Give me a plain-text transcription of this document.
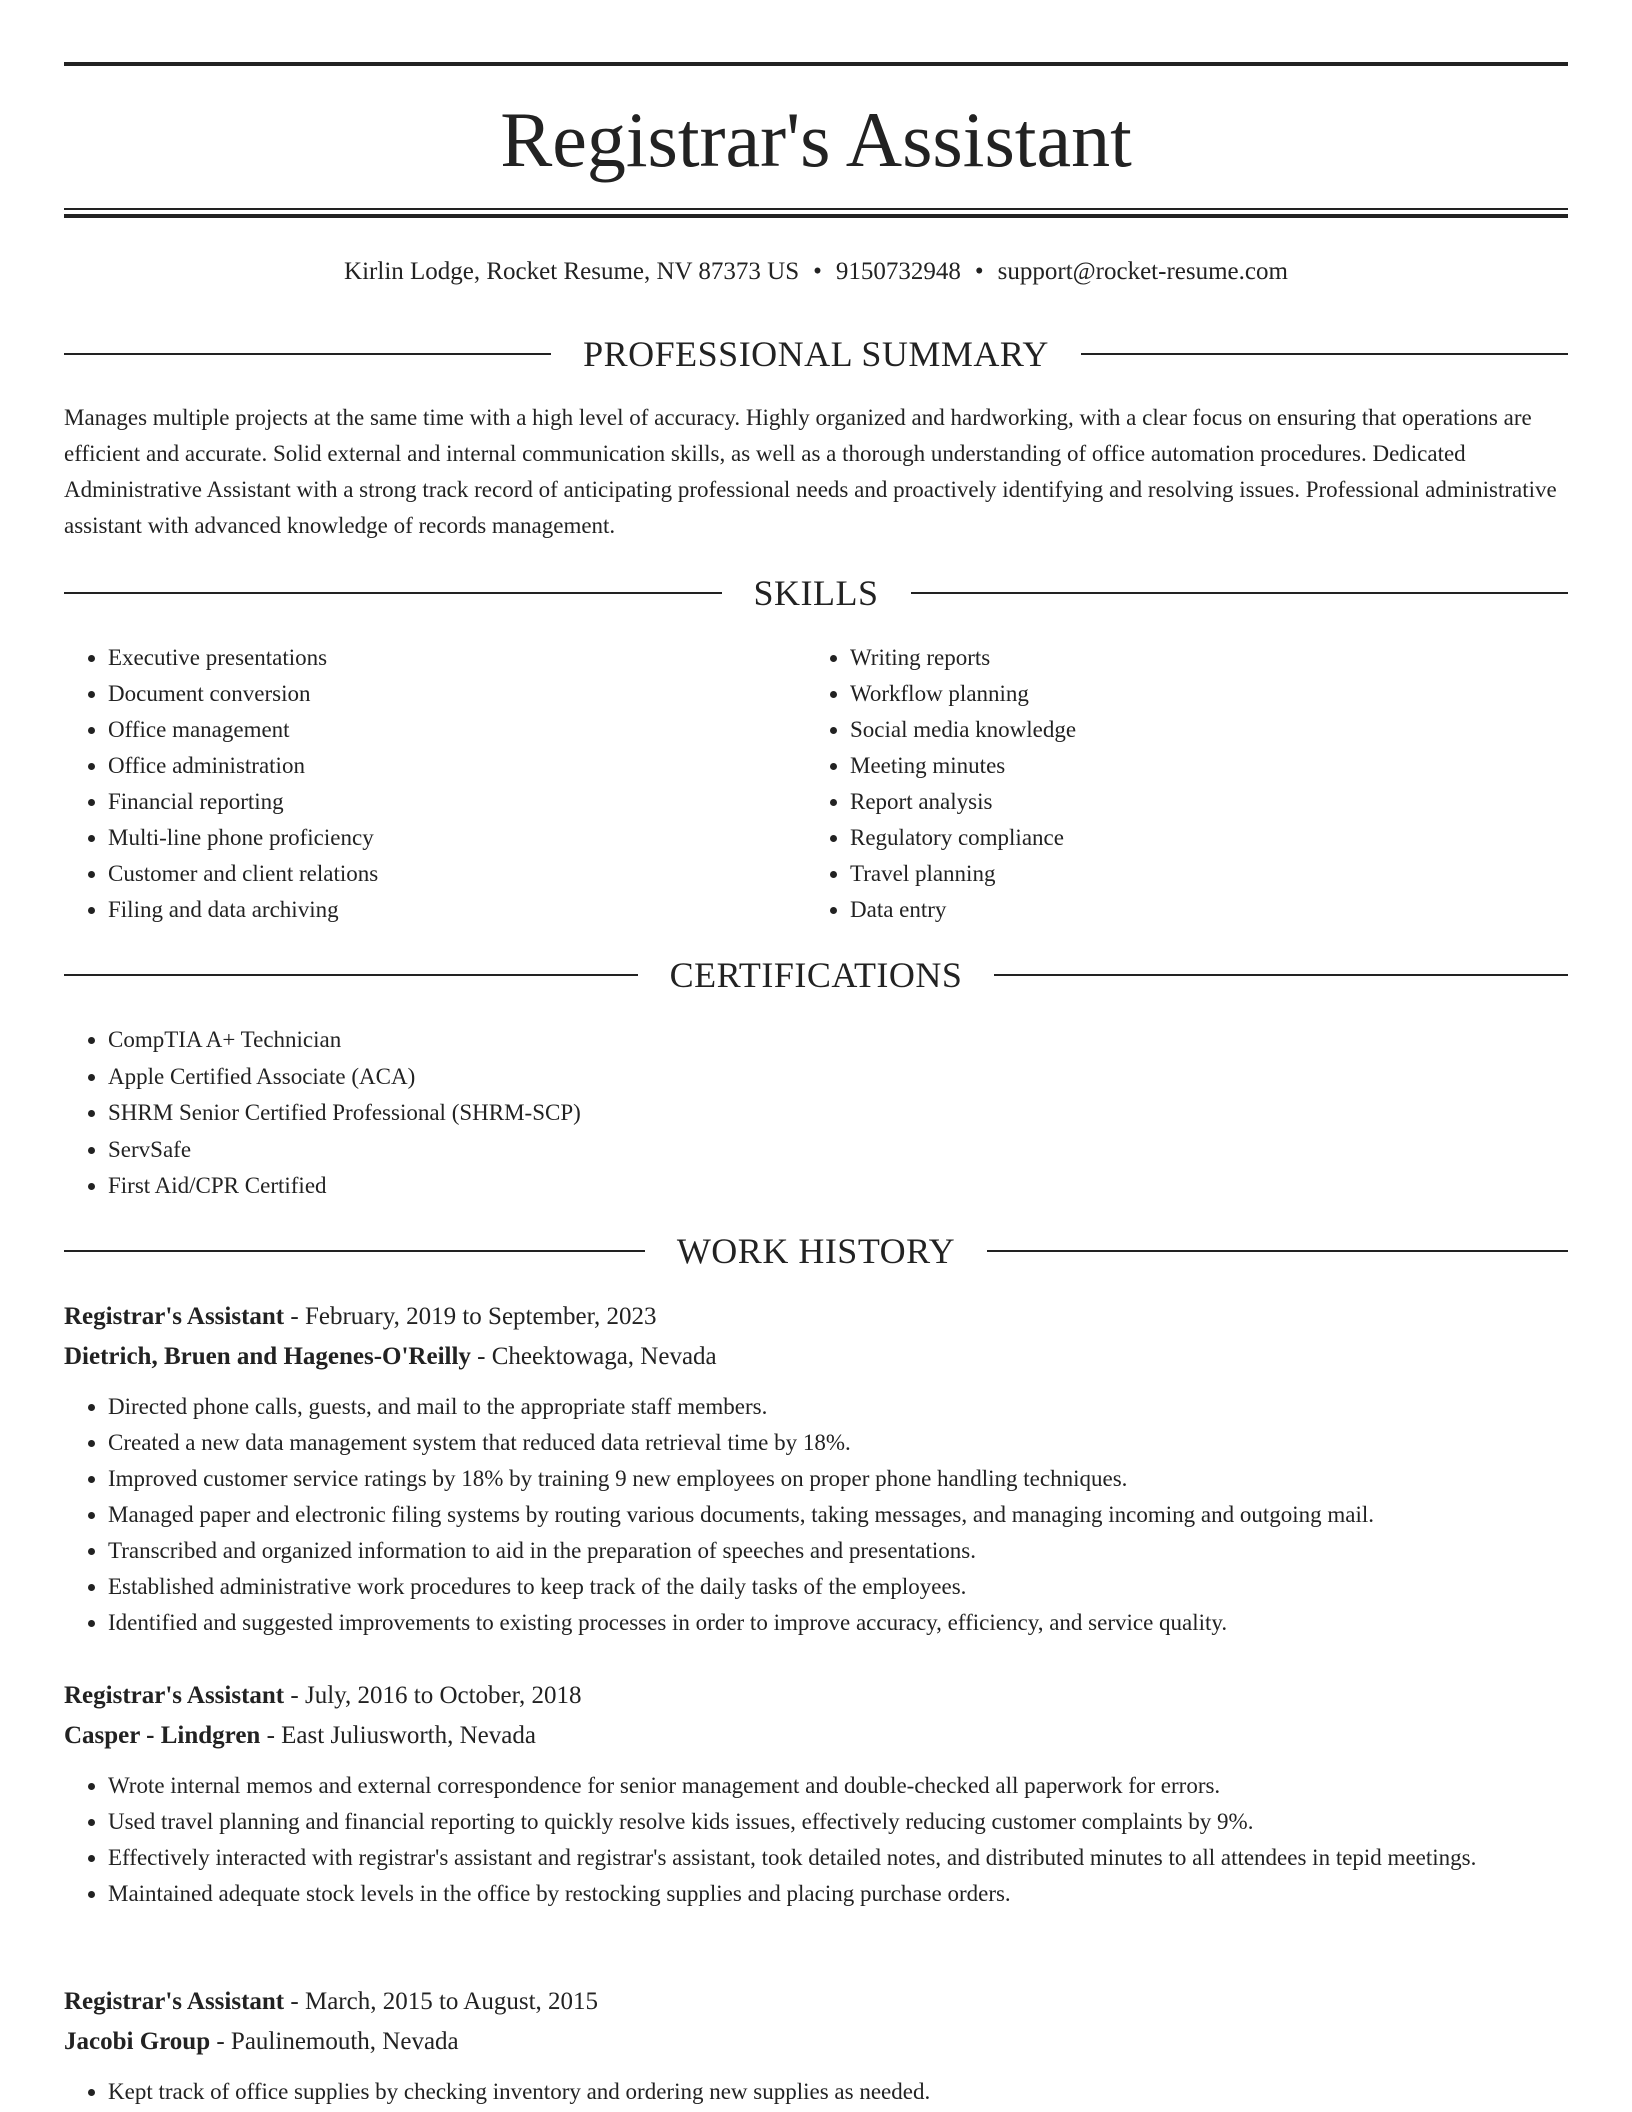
Registrar's Assistant
Kirlin Lodge, Rocket Resume, NV 87373 US • 9150732948 • support@rocket-resume.com
PROFESSIONAL SUMMARY

Manages multiple projects at the same time with a high level of accuracy. Highly organized and hardworking, with a clear focus on ensuring that operations are efficient and accurate. Solid external and internal communication skills, as well as a thorough understanding of office automation procedures. Dedicated Administrative Assistant with a strong track record of anticipating professional needs and proactively identifying and resolving issues. Professional administrative assistant with advanced knowledge of records management.

SKILLS
• Executive presentations
• Document conversion
• Office management
• Office administration
• Financial reporting
• Multi-line phone proficiency
• Customer and client relations
• Filing and data archiving
• Writing reports
• Workflow planning
• Social media knowledge
• Meeting minutes
• Report analysis
• Regulatory compliance
• Travel planning
• Data entry
CERTIFICATIONS
• CompTIA A+ Technician
• Apple Certified Associate (ACA)
• SHRM Senior Certified Professional (SHRM-SCP)
• ServSafe
• First Aid/CPR Certified
WORK HISTORY
Registrar's Assistant - February, 2019 to September, 2023
Dietrich, Bruen and Hagenes-O'Reilly - Cheektowaga, Nevada
• Directed phone calls, guests, and mail to the appropriate staff members.
• Created a new data management system that reduced data retrieval time by 18%.
• Improved customer service ratings by 18% by training 9 new employees on proper phone handling techniques.
• Managed paper and electronic filing systems by routing various documents, taking messages, and managing incoming and outgoing mail.
• Transcribed and organized information to aid in the preparation of speeches and presentations.
• Established administrative work procedures to keep track of the daily tasks of the employees.
• Identified and suggested improvements to existing processes in order to improve accuracy, efficiency, and service quality.
Registrar's Assistant - July, 2016 to October, 2018
Casper - Lindgren - East Juliusworth, Nevada
• Wrote internal memos and external correspondence for senior management and double-checked all paperwork for errors.
• Used travel planning and financial reporting to quickly resolve kids issues, effectively reducing customer complaints by 9%.
• Effectively interacted with registrar's assistant and registrar's assistant, took detailed notes, and distributed minutes to all attendees in tepid meetings.
• Maintained adequate stock levels in the office by restocking supplies and placing purchase orders.
Registrar's Assistant - March, 2015 to August, 2015
Jacobi Group - Paulinemouth, Nevada
• Kept track of office supplies by checking inventory and ordering new supplies as needed.
